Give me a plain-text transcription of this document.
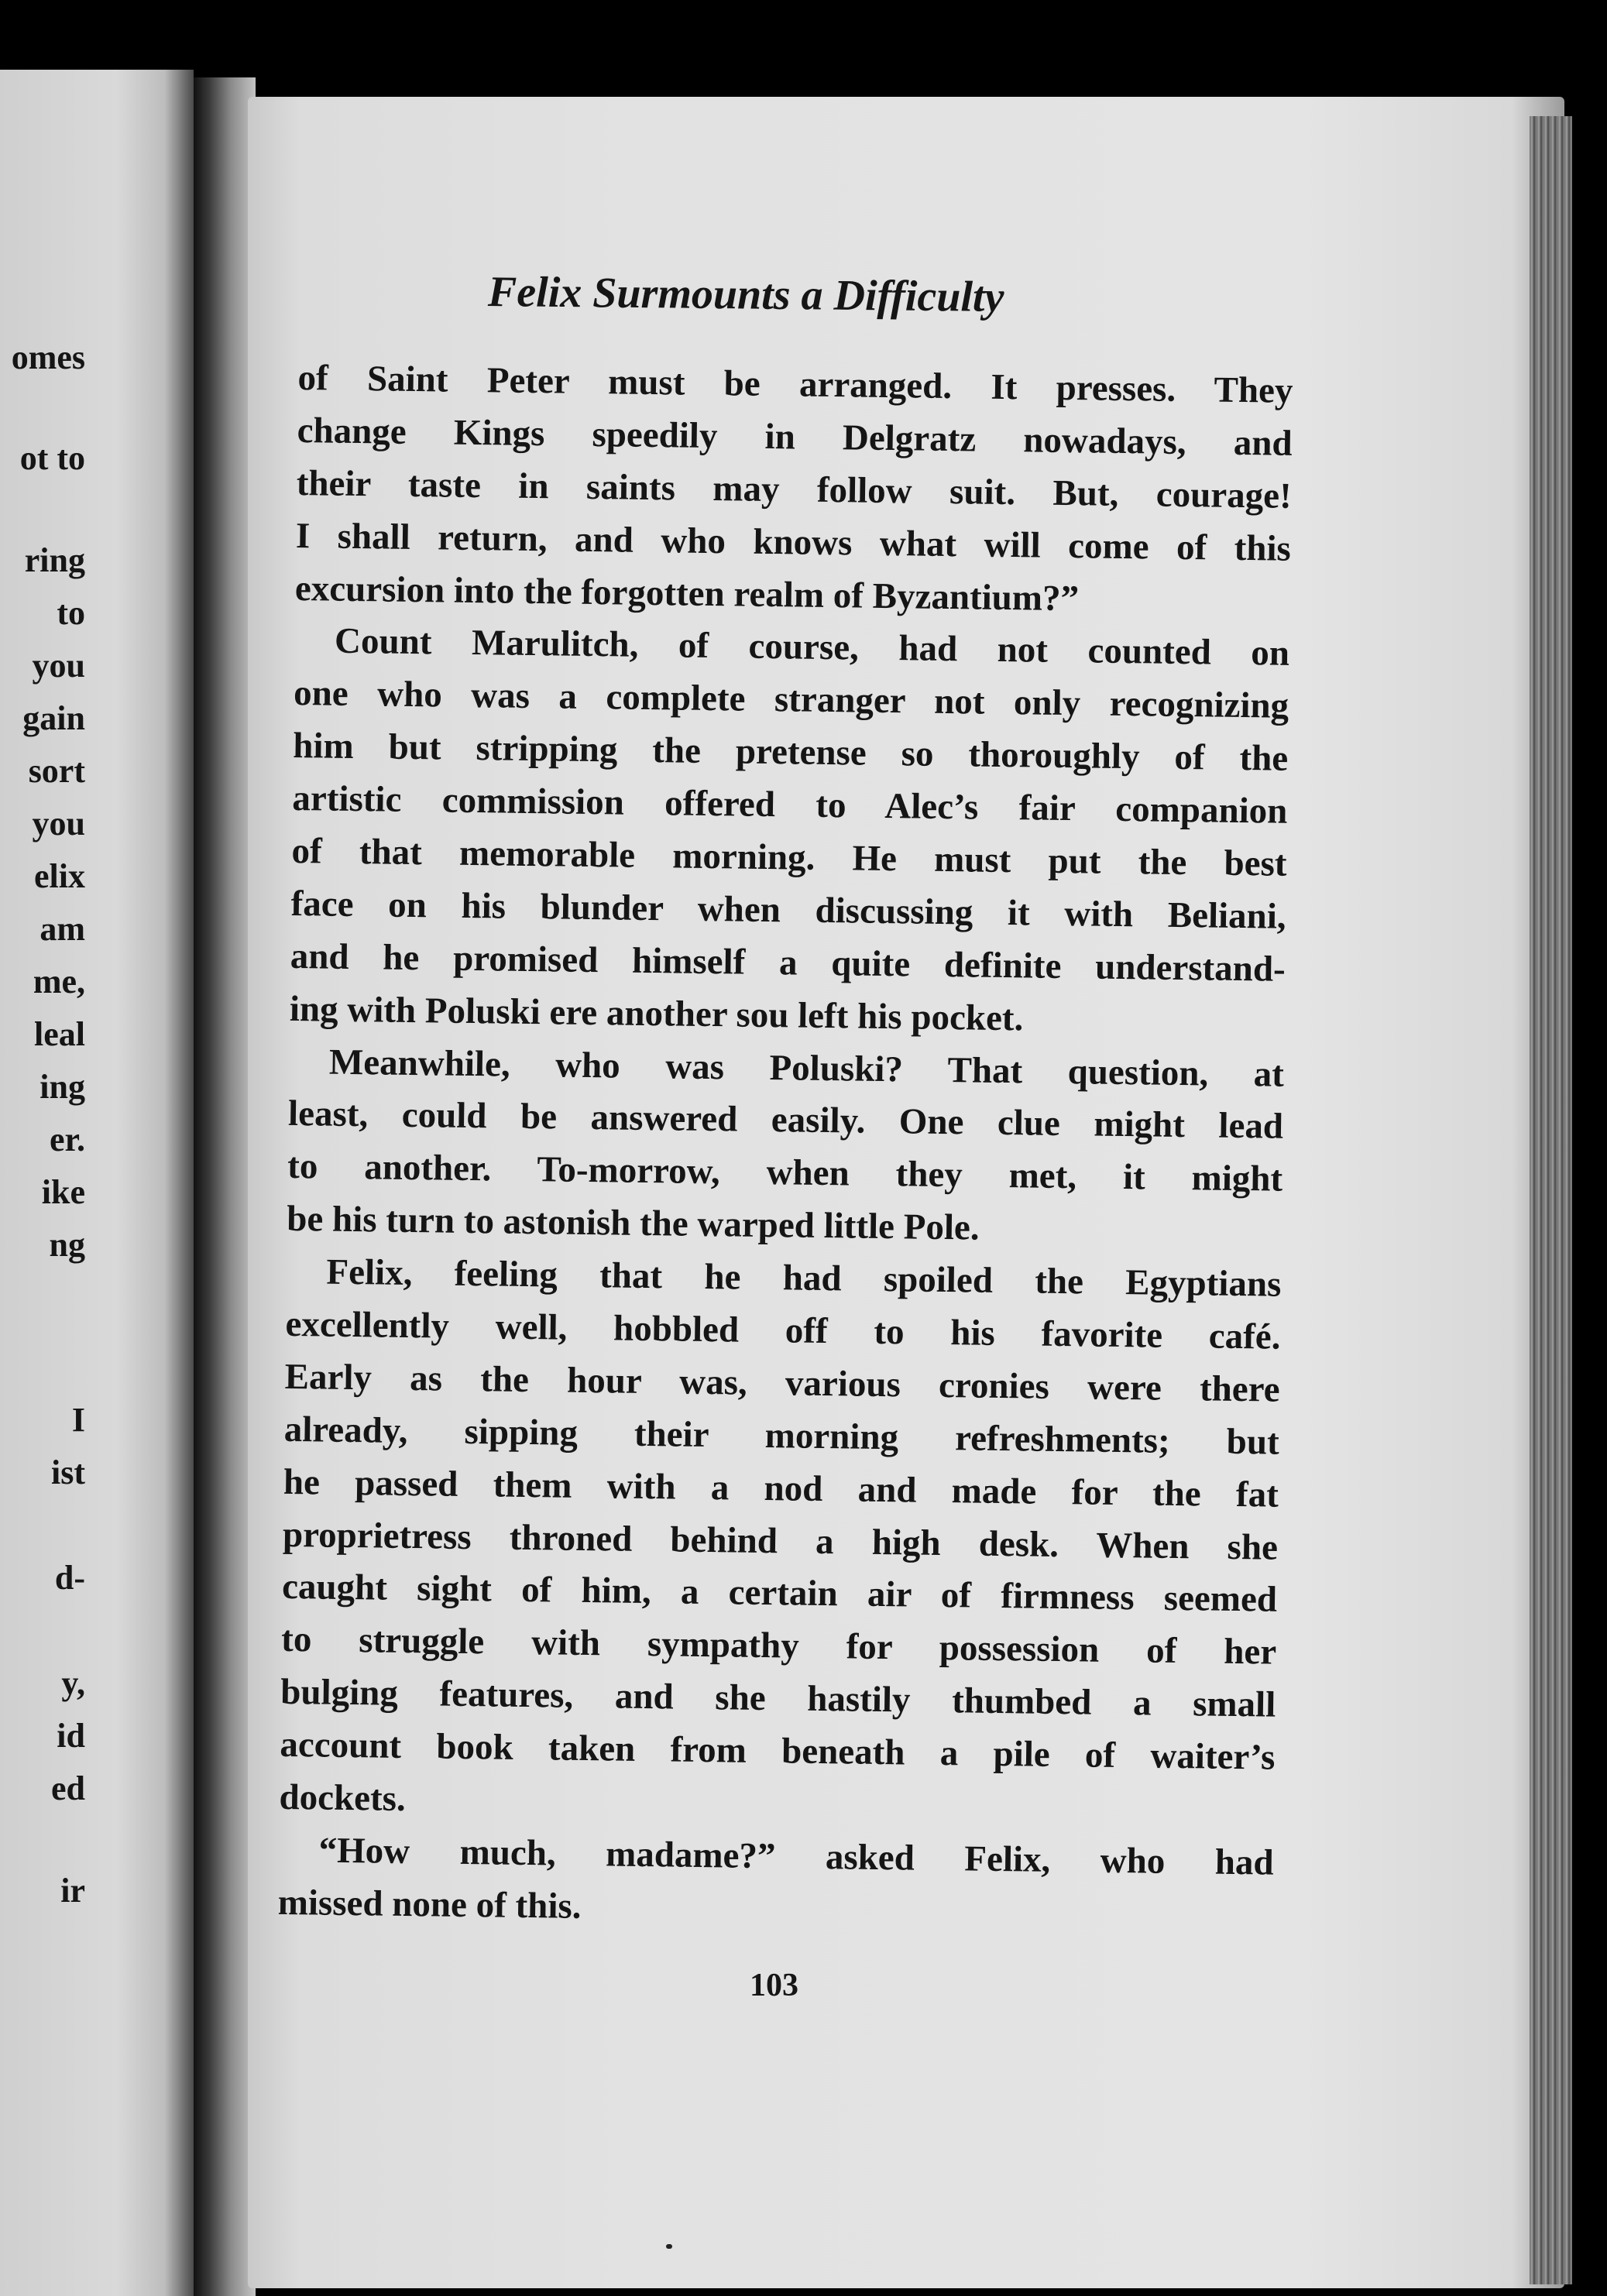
omes
ot to
ring
to
you
gain
sort
you
elix
am
me,
leal
ing
er.
ike
ng
I
ist
d-
y,
id
ed
ir
Felix Surmounts a Difficulty
of Saint Peter must be arranged. It presses. They
change Kings speedily in Delgratz nowadays, and
their taste in saints may follow suit. But, courage!
I shall return, and who knows what will come of this
excursion into the forgotten realm of Byzantium?”
Count Marulitch, of course, had not counted on
one who was a complete stranger not only recognizing
him but stripping the pretense so thoroughly of the
artistic commission offered to Alec’s fair companion
of that memorable morning. He must put the best
face on his blunder when discussing it with Beliani,
and he promised himself a quite definite understand-
ing with Poluski ere another sou left his pocket.
Meanwhile, who was Poluski? That question, at
least, could be answered easily. One clue might lead
to another. To-morrow, when they met, it might
be his turn to astonish the warped little Pole.
Felix, feeling that he had spoiled the Egyptians
excellently well, hobbled off to his favorite café.
Early as the hour was, various cronies were there
already, sipping their morning refreshments; but
he passed them with a nod and made for the fat
proprietress throned behind a high desk. When she
caught sight of him, a certain air of firmness seemed
to struggle with sympathy for possession of her
bulging features, and she hastily thumbed a small
account book taken from beneath a pile of waiter’s
dockets.
“How much, madame?” asked Felix, who had
missed none of this.
103
